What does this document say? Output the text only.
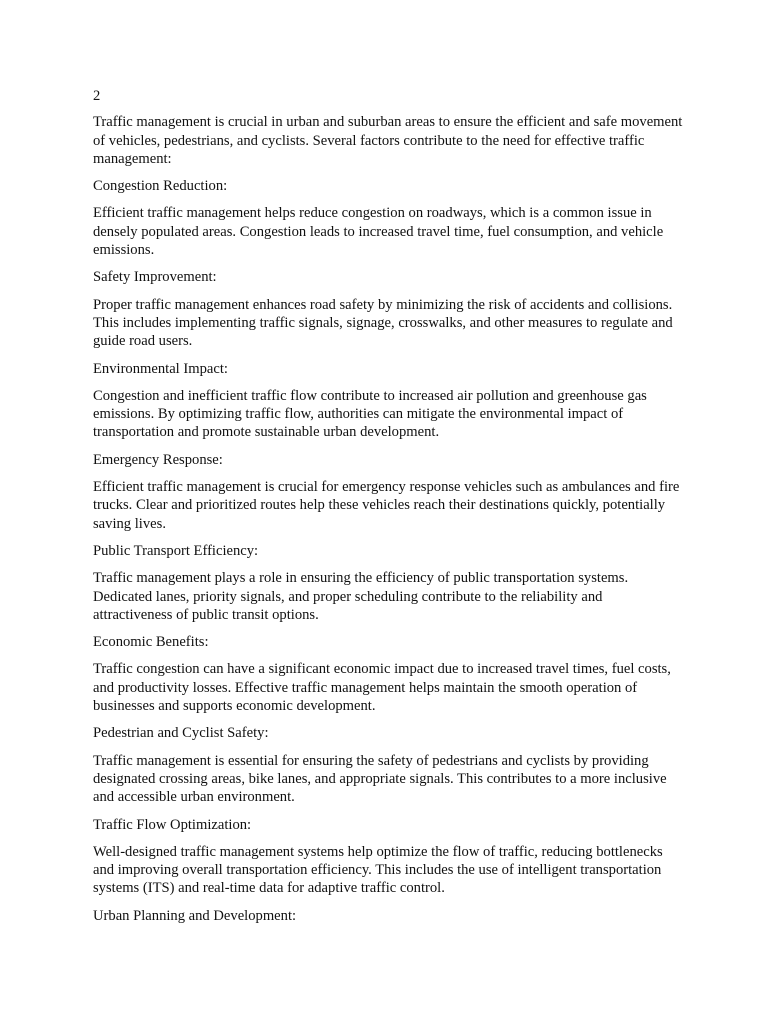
2

Traffic management is crucial in urban and suburban areas to ensure the efficient and safe movement of vehicles, pedestrians, and cyclists. Several factors contribute to the need for effective traffic management:

Congestion Reduction:

Efficient traffic management helps reduce congestion on roadways, which is a common issue in densely populated areas. Congestion leads to increased travel time, fuel consumption, and vehicle emissions.

Safety Improvement:

Proper traffic management enhances road safety by minimizing the risk of accidents and collisions. This includes implementing traffic signals, signage, crosswalks, and other measures to regulate and guide road users.

Environmental Impact:

Congestion and inefficient traffic flow contribute to increased air pollution and greenhouse gas emissions. By optimizing traffic flow, authorities can mitigate the environmental impact of transportation and promote sustainable urban development.

Emergency Response:

Efficient traffic management is crucial for emergency response vehicles such as ambulances and fire trucks. Clear and prioritized routes help these vehicles reach their destinations quickly, potentially saving lives.

Public Transport Efficiency:

Traffic management plays a role in ensuring the efficiency of public transportation systems. Dedicated lanes, priority signals, and proper scheduling contribute to the reliability and attractiveness of public transit options.

Economic Benefits:

Traffic congestion can have a significant economic impact due to increased travel times, fuel costs, and productivity losses. Effective traffic management helps maintain the smooth operation of businesses and supports economic development.

Pedestrian and Cyclist Safety:

Traffic management is essential for ensuring the safety of pedestrians and cyclists by providing designated crossing areas, bike lanes, and appropriate signals. This contributes to a more inclusive and accessible urban environment.

Traffic Flow Optimization:

Well-designed traffic management systems help optimize the flow of traffic, reducing bottlenecks and improving overall transportation efficiency. This includes the use of intelligent transportation systems (ITS) and real-time data for adaptive traffic control.

Urban Planning and Development:
